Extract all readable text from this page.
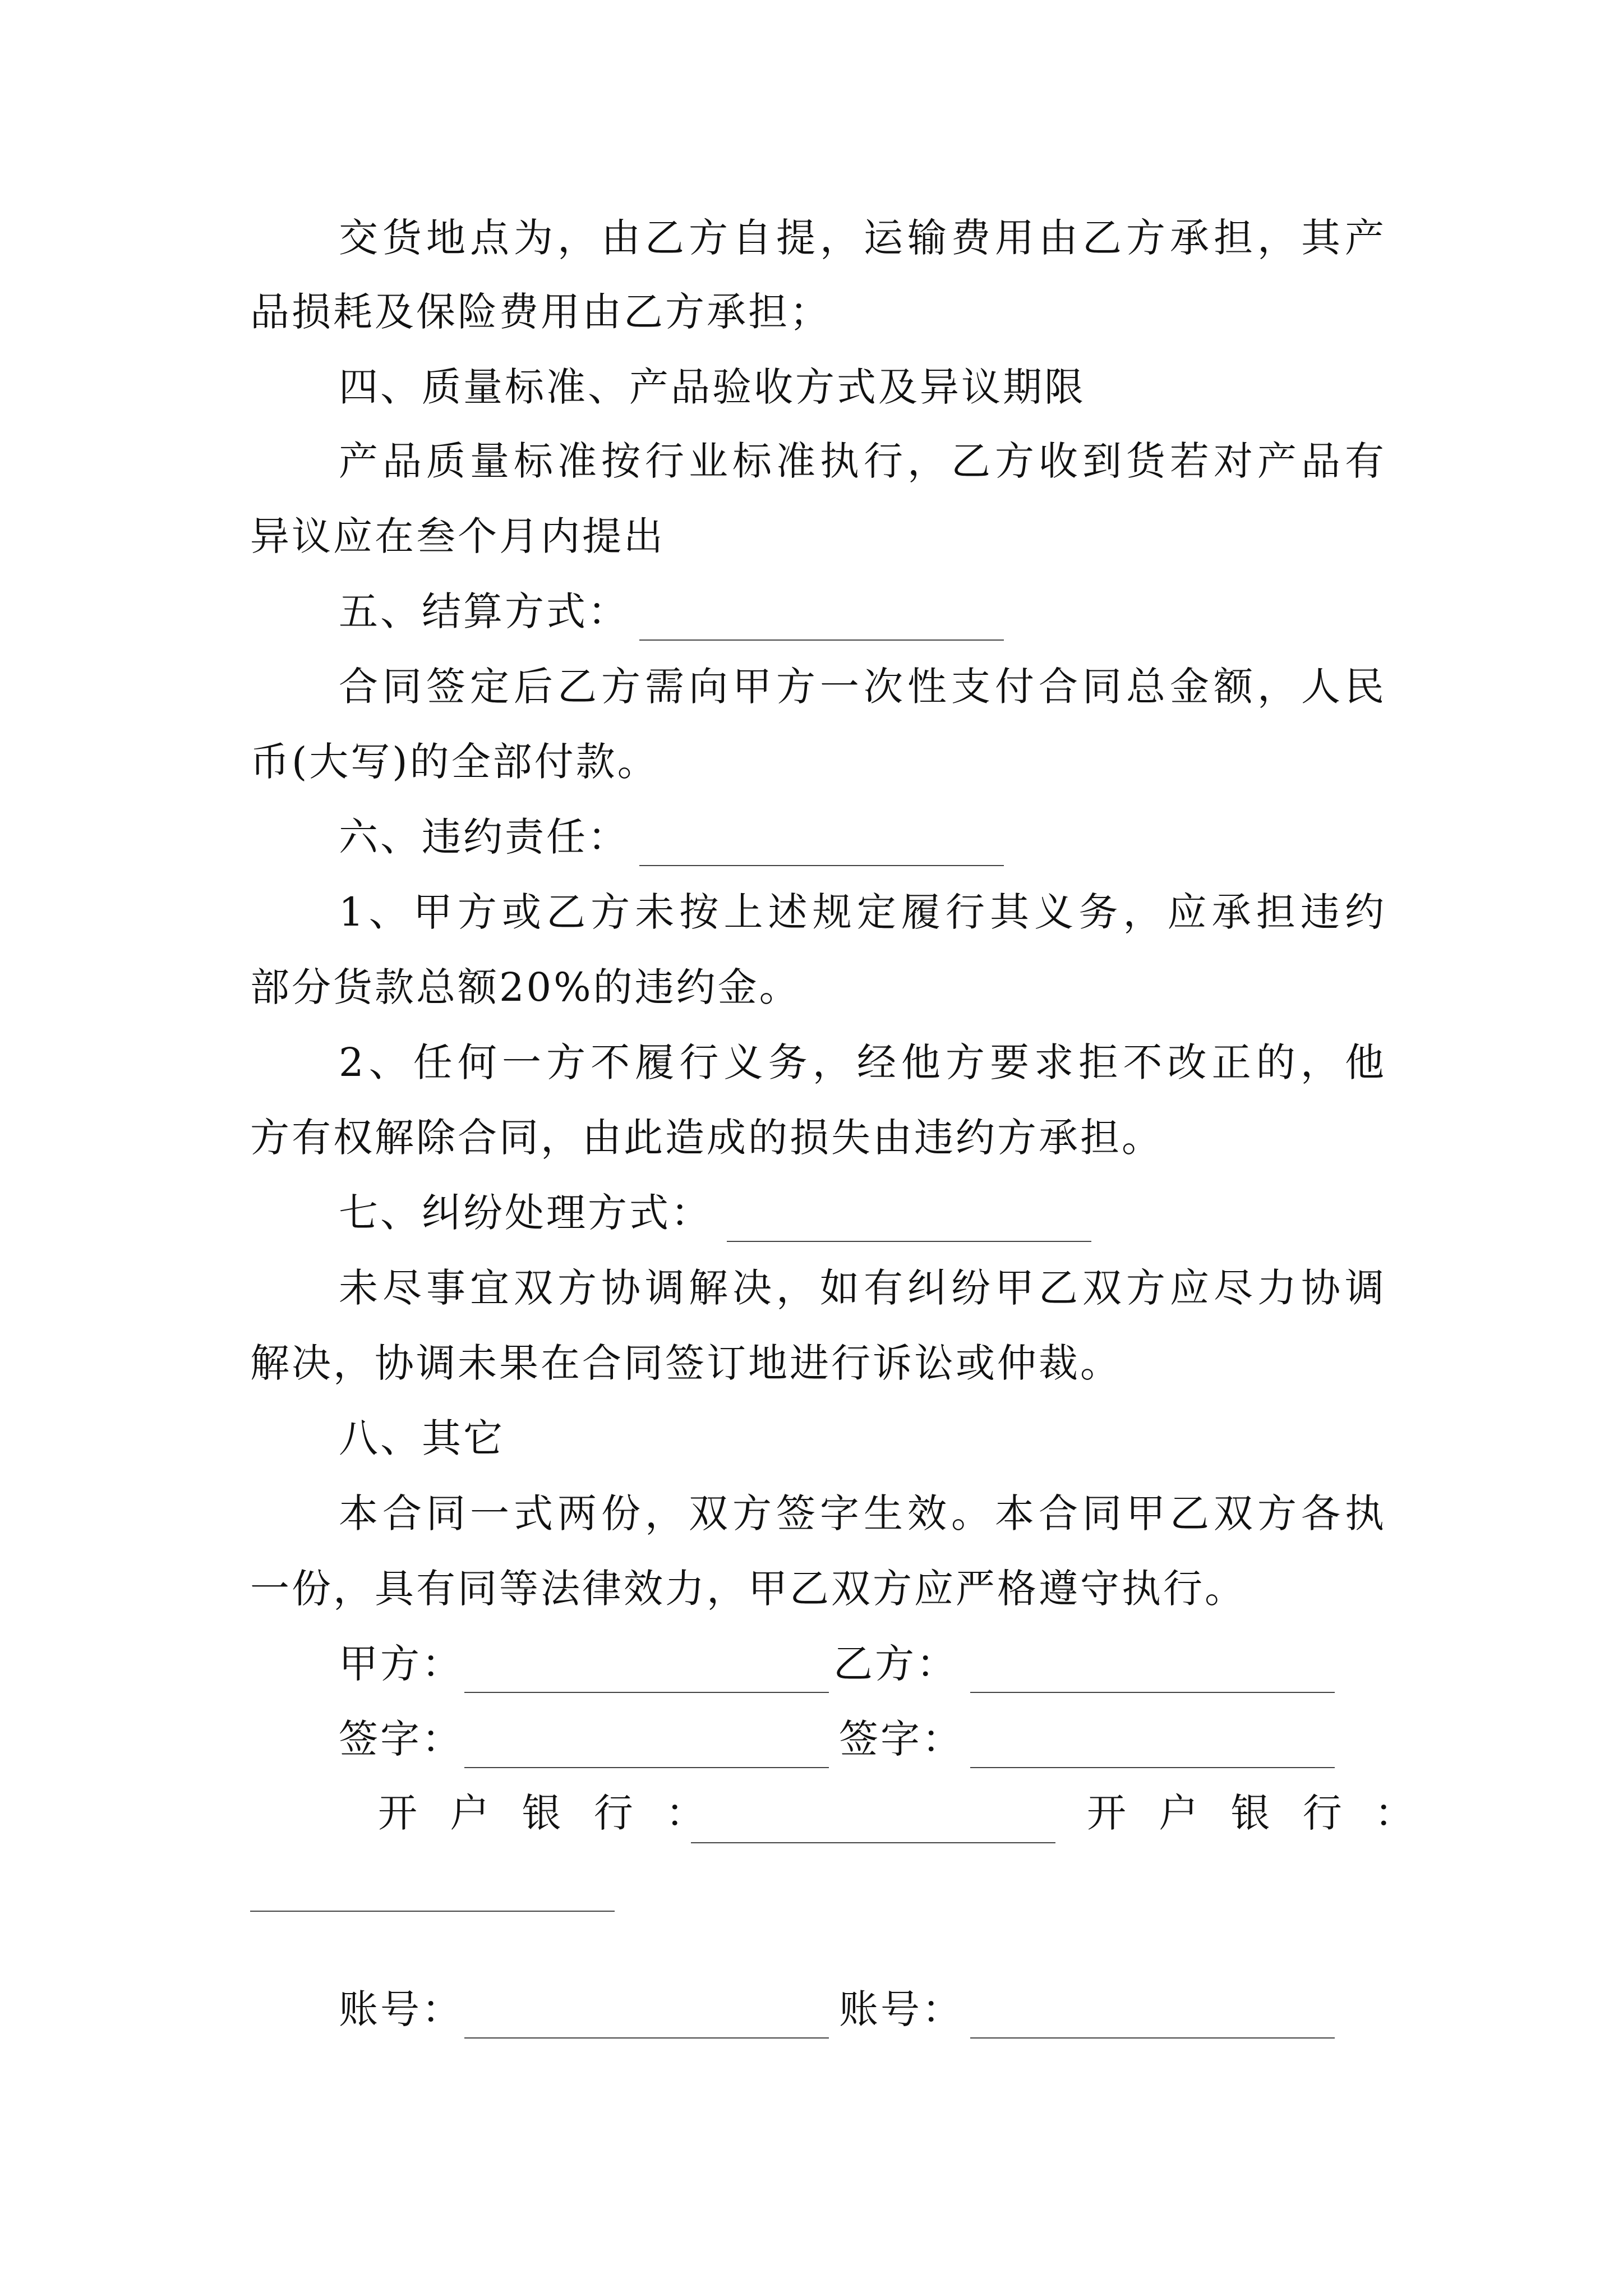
交货地点为，由乙方自提，运输费用由乙方承担，其产
品损耗及保险费用由乙方承担；
四、质量标准、产品验收方式及异议期限
产品质量标准按行业标准执行，乙方收到货若对产品有
异议应在叁个月内提出
五、结算方式：
合同签定后乙方需向甲方一次性支付合同总金额，人民
币(大写)的全部付款。
六、违约责任：
1、甲方或乙方未按上述规定履行其义务，应承担违约
部分货款总额20%的违约金。
2、任何一方不履行义务，经他方要求拒不改正的，他
方有权解除合同，由此造成的损失由违约方承担。
七、纠纷处理方式：
未尽事宜双方协调解决，如有纠纷甲乙双方应尽力协调
解决，协调未果在合同签订地进行诉讼或仲裁。
八、其它
本合同一式两份，双方签字生效。本合同甲乙双方各执
一份，具有同等法律效力，甲乙双方应严格遵守执行。
甲方：	乙方：
签字：	签字：
开 户 银 行 ：	开 户 银 行 ：
账号：	账号：
